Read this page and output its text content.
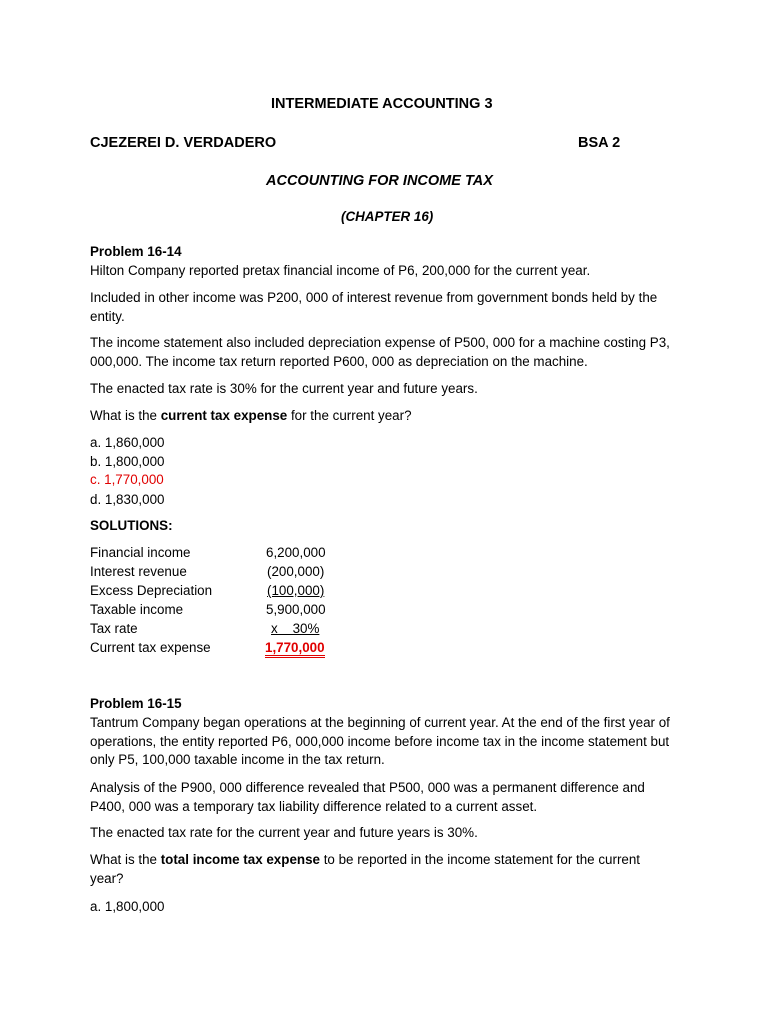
INTERMEDIATE ACCOUNTING 3
CJEZEREI D. VERDADERO	BSA 2
ACCOUNTING FOR INCOME TAX
(CHAPTER 16)
Problem 16-14
Hilton Company reported pretax financial income of P6, 200,000 for the current year.
Included in other income was P200, 000 of interest revenue from government bonds held by the entity.
The income statement also included depreciation expense of P500, 000 for a machine costing P3, 000,000. The income tax return reported P600, 000 as depreciation on the machine.
The enacted tax rate is 30% for the current year and future years.
What is the current tax expense for the current year?
a. 1,860,000
b. 1,800,000
c. 1,770,000
d. 1,830,000
SOLUTIONS:
Financial income	6,200,000
Interest revenue	(200,000)
Excess Depreciation	(100,000)
Taxable income	5,900,000
Tax rate	x    30%
Current tax expense	1,770,000
Problem 16-15
Tantrum Company began operations at the beginning of current year. At the end of the first year of operations, the entity reported P6, 000,000 income before income tax in the income statement but only P5, 100,000 taxable income in the tax return.
Analysis of the P900, 000 difference revealed that P500, 000 was a permanent difference and P400, 000 was a temporary tax liability difference related to a current asset.
The enacted tax rate for the current year and future years is 30%.
What is the total income tax expense to be reported in the income statement for the current year?
a. 1,800,000
